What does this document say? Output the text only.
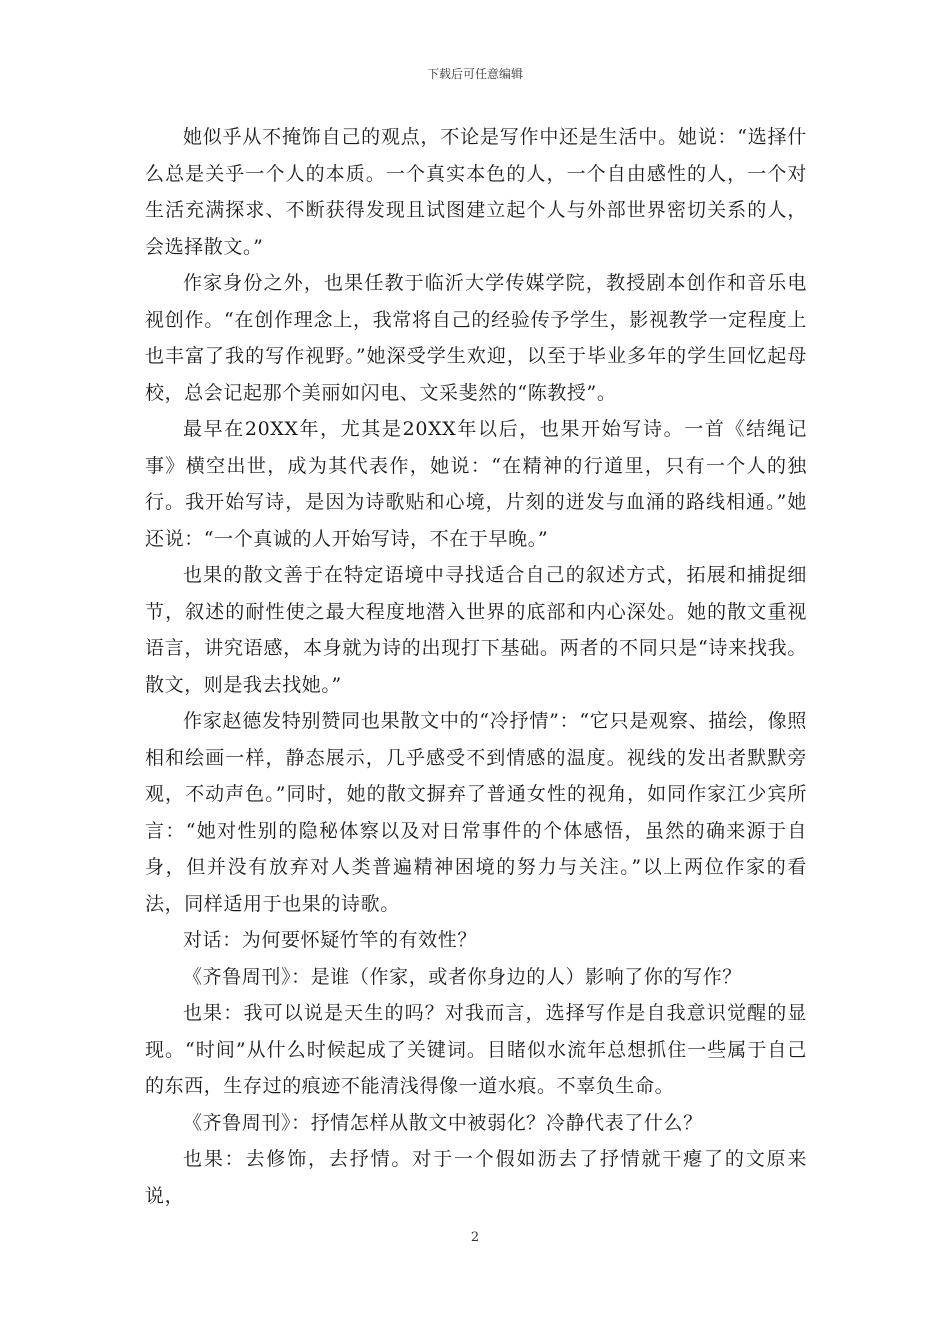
下载后可任意编辑

她似乎从不掩饰自己的观点，不论是写作中还是生活中。她说：“选择什么总是关乎一个人的本质。一个真实本色的人，一个自由感性的人，一个对生活充满探求、不断获得发现且试图建立起个人与外部世界密切关系的人，会选择散文。”

作家身份之外，也果任教于临沂大学传媒学院，教授剧本创作和音乐电视创作。“在创作理念上，我常将自己的经验传予学生，影视教学一定程度上也丰富了我的写作视野。”她深受学生欢迎，以至于毕业多年的学生回忆起母校，总会记起那个美丽如闪电、文采斐然的“陈教授”。

最早在20XX年，尤其是20XX年以后，也果开始写诗。一首《结绳记事》横空出世，成为其代表作，她说：“在精神的行道里，只有一个人的独行。我开始写诗，是因为诗歌贴和心境，片刻的迸发与血涌的路线相通。”她还说：“一个真诚的人开始写诗，不在于早晚。”

也果的散文善于在特定语境中寻找适合自己的叙述方式，拓展和捕捉细节，叙述的耐性使之最大程度地潜入世界的底部和内心深处。她的散文重视语言，讲究语感，本身就为诗的出现打下基础。两者的不同只是“诗来找我。散文，则是我去找她。”

作家赵德发特别赞同也果散文中的“冷抒情”：“它只是观察、描绘，像照相和绘画一样，静态展示，几乎感受不到情感的温度。视线的发出者默默旁观，不动声色。”同时，她的散文摒弃了普通女性的视角，如同作家江少宾所言：“她对性别的隐秘体察以及对日常事件的个体感悟，虽然的确来源于自身，但并没有放弃对人类普遍精神困境的努力与关注。”以上两位作家的看法，同样适用于也果的诗歌。

对话：为何要怀疑竹竿的有效性？

《齐鲁周刊》：是谁（作家，或者你身边的人）影响了你的写作？

也果：我可以说是天生的吗？对我而言，选择写作是自我意识觉醒的显现。“时间”从什么时候起成了关键词。目睹似水流年总想抓住一些属于自己的东西，生存过的痕迹不能清浅得像一道水痕。不辜负生命。

《齐鲁周刊》：抒情怎样从散文中被弱化？冷静代表了什么？

也果：去修饰，去抒情。对于一个假如沥去了抒情就干瘪了的文原来说，

2
